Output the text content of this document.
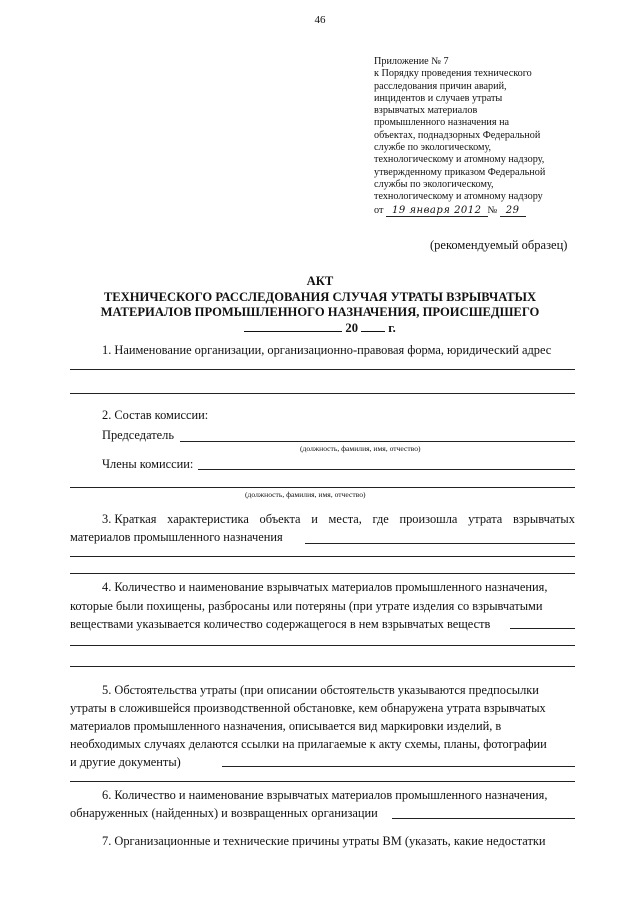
46
Приложение № 7
к Порядку проведения технического
расследования причин аварий,
инцидентов и случаев утраты
взрывчатых материалов
промышленного назначения на
объектах, поднадзорных Федеральной
службе по экологическому,
технологическому и атомному надзору,
утвержденному приказом Федеральной
службы по экологическому,
технологическому и атомному надзору
от 19 января 2012 № 29
(рекомендуемый образец)
АКТ
ТЕХНИЧЕСКОГО РАССЛЕДОВАНИЯ СЛУЧАЯ УТРАТЫ ВЗРЫВЧАТЫХ
МАТЕРИАЛОВ ПРОМЫШЛЕННОГО НАЗНАЧЕНИЯ, ПРОИСШЕДШЕГО
20 г.
1. Наименование организации, организационно-правовая форма, юридический адрес
2. Состав комиссии:
Председатель
(должность, фамилия, имя, отчество)
Члены комиссии:
(должность, фамилия, имя, отчество)
3. Краткая характеристика объекта и места, где произошла утрата взрывчатых
материалов промышленного назначения
4. Количество и наименование взрывчатых материалов промышленного назначения,
которые были похищены, разбросаны или потеряны (при утрате изделия со взрывчатыми
веществами указывается количество содержащегося в нем взрывчатых веществ
5. Обстоятельства утраты (при описании обстоятельств указываются предпосылки
утраты в сложившейся производственной обстановке, кем обнаружена утрата взрывчатых
материалов промышленного назначения, описывается вид маркировки изделий, в
необходимых случаях делаются ссылки на прилагаемые к акту схемы, планы, фотографии
и другие документы)
6. Количество и наименование взрывчатых материалов промышленного назначения,
обнаруженных (найденных) и возвращенных организации
7. Организационные и технические причины утраты ВМ (указать, какие недостатки
